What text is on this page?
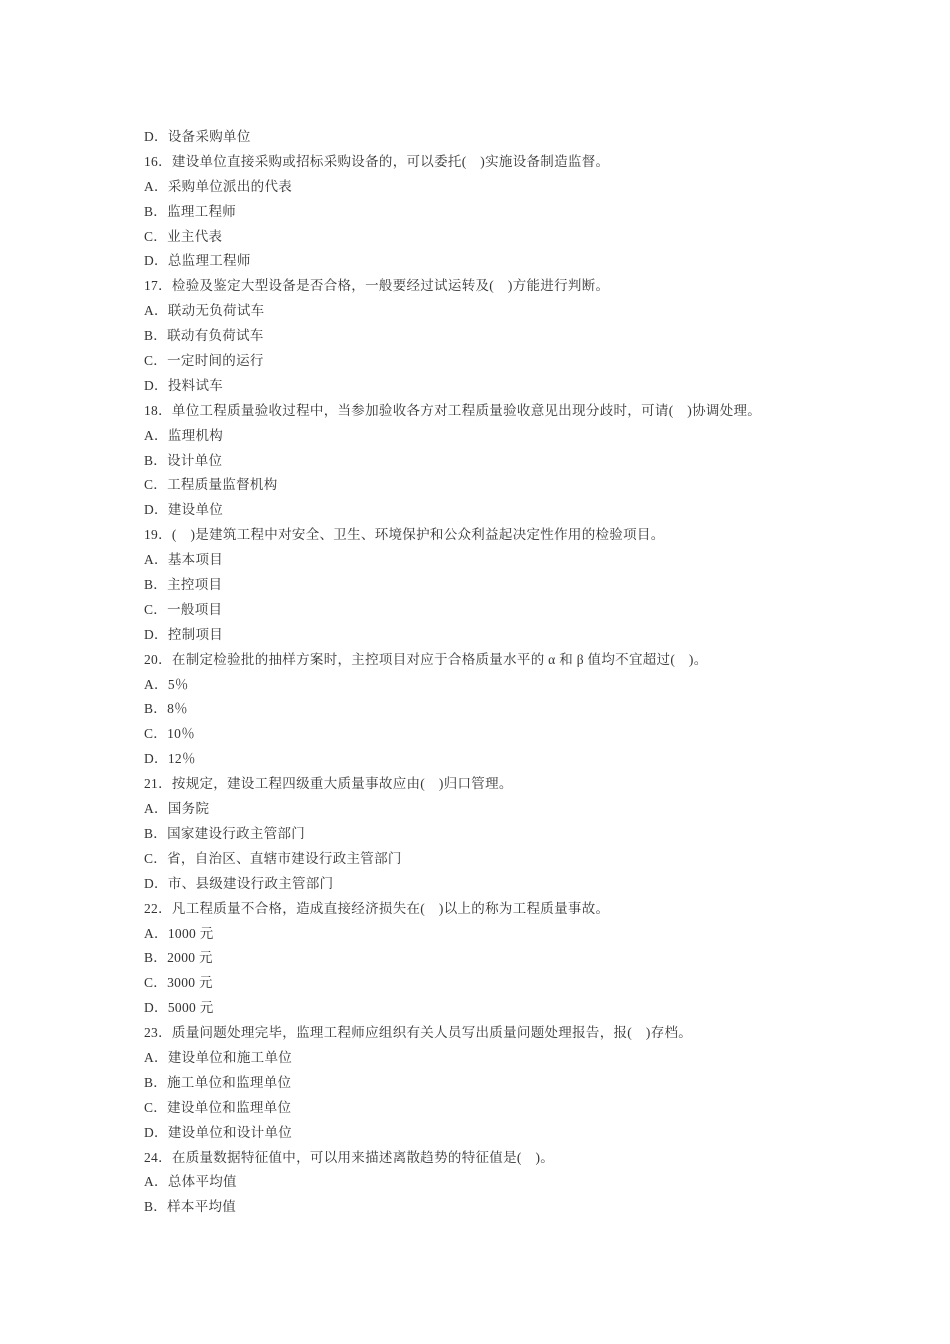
D．设备采购单位
16．建设单位直接采购或招标采购设备的，可以委托(　)实施设备制造监督。
A．采购单位派出的代表
B．监理工程师
C．业主代表
D．总监理工程师
17．检验及鉴定大型设备是否合格，一般要经过试运转及(　)方能进行判断。
A．联动无负荷试车
B．联动有负荷试车
C．一定时间的运行
D．投料试车
18．单位工程质量验收过程中，当参加验收各方对工程质量验收意见出现分歧时，可请(　)协调处理。
A．监理机构
B．设计单位
C．工程质量监督机构
D．建设单位
19．(　)是建筑工程中对安全、卫生、环境保护和公众利益起决定性作用的检验项目。
A．基本项目
B．主控项目
C．一般项目
D．控制项目
20．在制定检验批的抽样方案时，主控项目对应于合格质量水平的 α 和 β 值均不宜超过(　)。
A．5％
B．8％
C．10％
D．12％
21．按规定，建设工程四级重大质量事故应由(　)归口管理。
A．国务院
B．国家建设行政主管部门
C．省，自治区、直辖市建设行政主管部门
D．市、县级建设行政主管部门
22．凡工程质量不合格，造成直接经济损失在(　)以上的称为工程质量事故。
A．1000 元
B．2000 元
C．3000 元
D．5000 元
23．质量问题处理完毕，监理工程师应组织有关人员写出质量问题处理报告，报(　)存档。
A．建设单位和施工单位
B．施工单位和监理单位
C．建设单位和监理单位
D．建设单位和设计单位
24．在质量数据特征值中，可以用来描述离散趋势的特征值是(　)。
A．总体平均值
B．样本平均值
